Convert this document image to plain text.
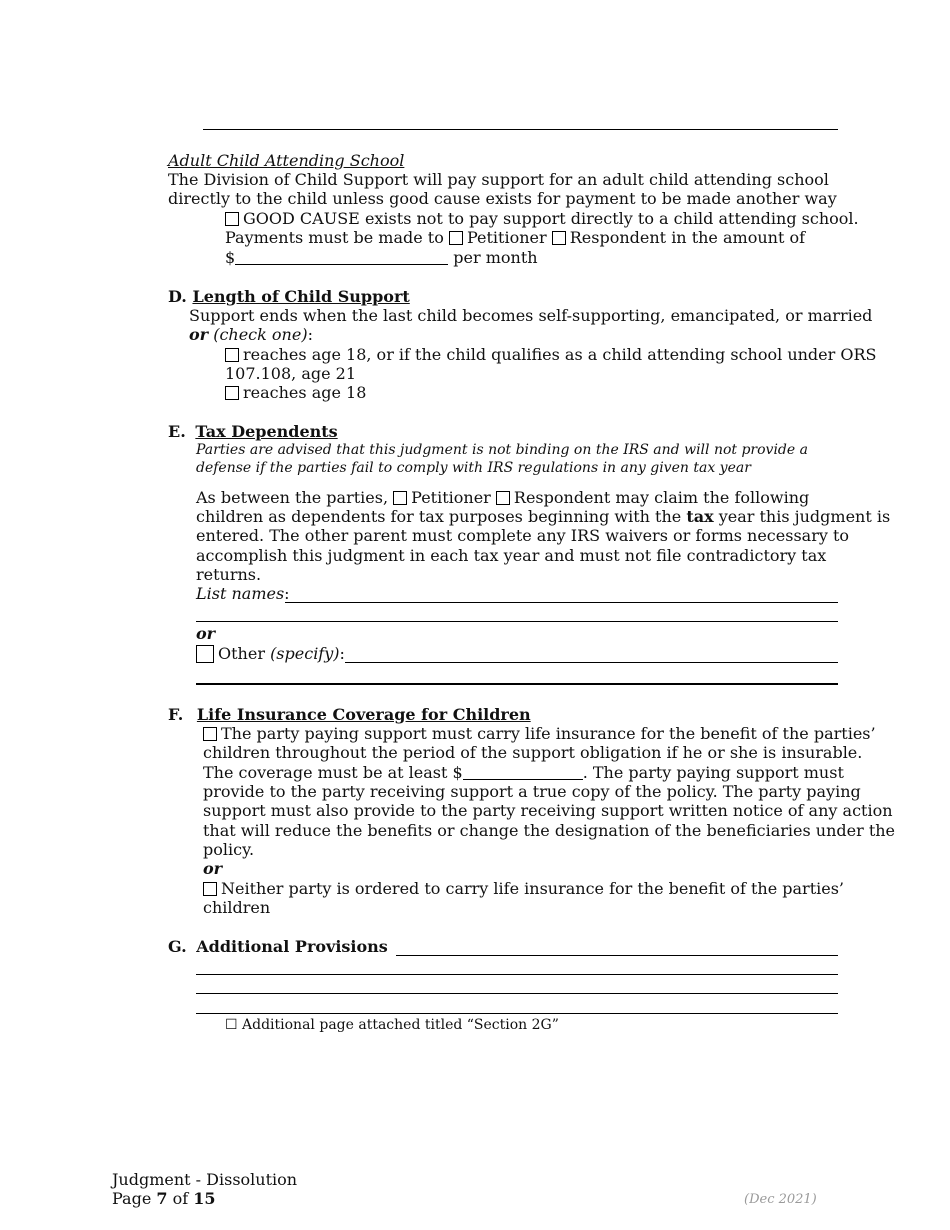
Adult Child Attending School
The Division of Child Support will pay support for an adult child attending school
directly to the child unless good cause exists for payment to be made another way
GOOD CAUSE exists not to pay support directly to a child attending school.
Payments must be made to Petitioner Respondent in the amount of
$	per month
D. Length of Child Support
Support ends when the last child becomes self-supporting, emancipated, or married
or (check one):
reaches age 18, or if the child qualifies as a child attending school under ORS
107.108, age 21
reaches age 18
E. Tax Dependents
Parties are advised that this judgment is not binding on the IRS and will not provide a
defense if the parties fail to comply with IRS regulations in any given tax year
As between the parties, Petitioner Respondent may claim the following
children as dependents for tax purposes beginning with the tax year this judgment is
entered. The other parent must complete any IRS waivers or forms necessary to
accomplish this judgment in each tax year and must not file contradictory tax
returns.
List names:
or
Other (specify):
F. Life Insurance Coverage for Children
The party paying support must carry life insurance for the benefit of the parties’
children throughout the period of the support obligation if he or she is insurable.
The coverage must be at least $	. The party paying support must
provide to the party receiving support a true copy of the policy. The party paying
support must also provide to the party receiving support written notice of any action
that will reduce the benefits or change the designation of the beneficiaries under the
policy.
or
Neither party is ordered to carry life insurance for the benefit of the parties’
children
G. Additional Provisions
☐ Additional page attached titled “Section 2G”
Judgment - Dissolution
Page 7 of 15	(Dec 2021)
